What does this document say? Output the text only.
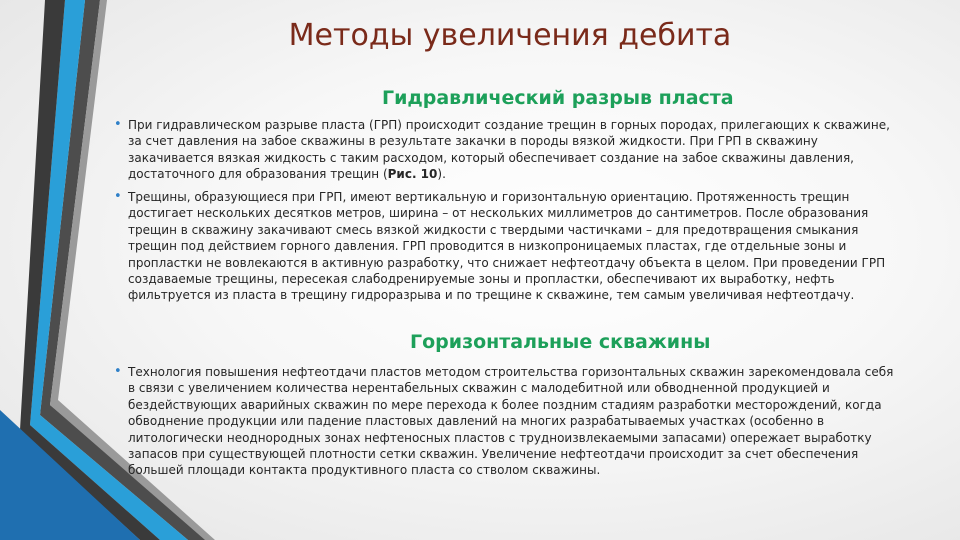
Методы увеличения дебита
Гидравлический разрыв пласта

• При гидравлическом разрыве пласта (ГРП) происходит создание трещин в горных породах, прилегающих к скважине, за счет давления на забое скважины в результате закачки в породы вязкой жидкости. При ГРП в скважину закачивается вязкая жидкость с таким расходом, который обеспечивает создание на забое скважины давления, достаточного для образования трещин (Рис. 10).

• Трещины, образующиеся при ГРП, имеют вертикальную и горизонтальную ориентацию. Протяженность трещин достигает нескольких десятков метров, ширина – от нескольких миллиметров до сантиметров. После образования трещин в скважину закачивают смесь вязкой жидкости с твердыми частичками – для предотвращения смыкания трещин под действием горного давления. ГРП проводится в низкопроницаемых пластах, где отдельные зоны и пропластки не вовлекаются в активную разработку, что снижает нефтеотдачу объекта в целом. При проведении ГРП создаваемые трещины, пересекая слабодренируемые зоны и пропластки, обеспечивают их выработку, нефть фильтруется из пласта в трещину гидроразрыва и по трещине к скважине, тем самым увеличивая нефтеотдачу.

Горизонтальные скважины

• Технология повышения нефтеотдачи пластов методом строительства горизонтальных скважин зарекомендовала себя в связи с увеличением количества нерентабельных скважин с малодебитной или обводненной продукцией и бездействующих аварийных скважин по мере перехода к более поздним стадиям разработки месторождений, когда обводнение продукции или падение пластовых давлений на многих разрабатываемых участках (особенно в литологически неоднородных зонах нефтеносных пластов с трудноизвлекаемыми запасами) опережает выработку запасов при существующей плотности сетки скважин. Увеличение нефтеотдачи происходит за счет обеспечения большей площади контакта продуктивного пласта со стволом скважины.
